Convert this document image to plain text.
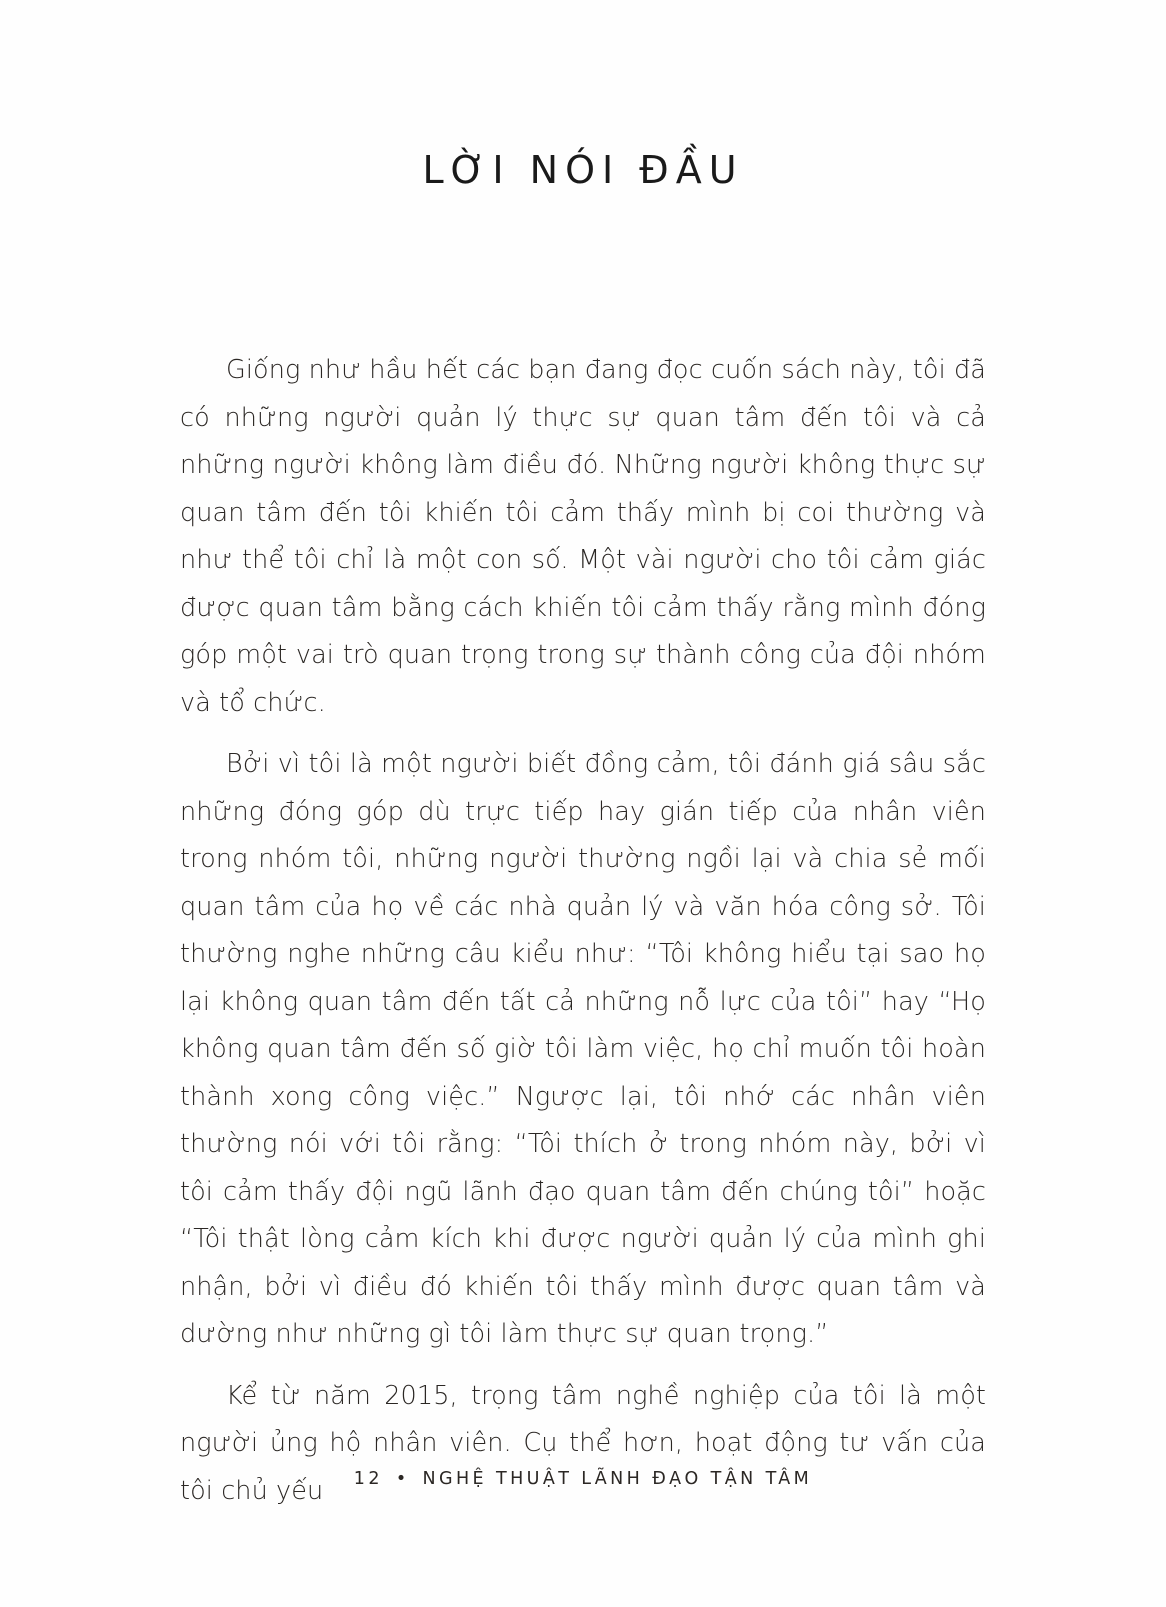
LỜI NÓI ĐẦU

Giống như hầu hết các bạn đang đọc cuốn sách này, tôi đã có những người quản lý thực sự quan tâm đến tôi và cả những người không làm điều đó. Những người không thực sự quan tâm đến tôi khiến tôi cảm thấy mình bị coi thường và như thể tôi chỉ là một con số. Một vài người cho tôi cảm giác được quan tâm bằng cách khiến tôi cảm thấy rằng mình đóng góp một vai trò quan trọng trong sự thành công của đội nhóm và tổ chức.

Bởi vì tôi là một người biết đồng cảm, tôi đánh giá sâu sắc những đóng góp dù trực tiếp hay gián tiếp của nhân viên trong nhóm tôi, những người thường ngồi lại và chia sẻ mối quan tâm của họ về các nhà quản lý và văn hóa công sở. Tôi thường nghe những câu kiểu như: “Tôi không hiểu tại sao họ lại không quan tâm đến tất cả những nỗ lực của tôi” hay “Họ không quan tâm đến số giờ tôi làm việc, họ chỉ muốn tôi hoàn thành xong công việc.” Ngược lại, tôi nhớ các nhân viên thường nói với tôi rằng: “Tôi thích ở trong nhóm này, bởi vì tôi cảm thấy đội ngũ lãnh đạo quan tâm đến chúng tôi” hoặc “Tôi thật lòng cảm kích khi được người quản lý của mình ghi nhận, bởi vì điều đó khiến tôi thấy mình được quan tâm và dường như những gì tôi làm thực sự quan trọng.”

Kể từ năm 2015, trọng tâm nghề nghiệp của tôi là một người ủng hộ nhân viên. Cụ thể hơn, hoạt động tư vấn của tôi chủ yếu	12 • NGHỆ THUẬT LÃNH ĐẠO TẬN TÂM
